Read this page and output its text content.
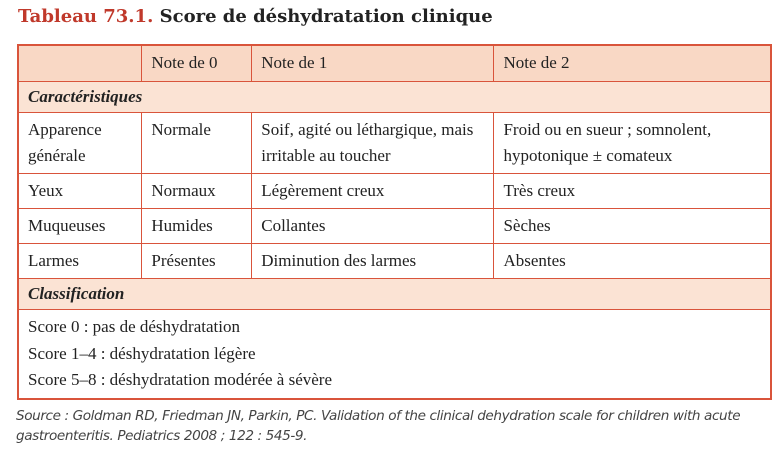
Tableau 73.1. Score de déshydratation clinique
	Note de 0	Note de 1	Note de 2
Caractéristiques			
Apparence générale	Normale	Soif, agité ou léthargique, mais irritable au toucher	Froid ou en sueur ; somnolent, hypotonique ± comateux
Yeux	Normaux	Légèrement creux	Très creux
Muqueuses	Humides	Collantes	Sèches
Larmes	Présentes	Diminution des larmes	Absentes
Classification			

Score 0 : pas de déshydratation
Score 1–4 : déshydratation légère
Score 5–8 : déshydratation modérée à sévère			
Source : Goldman RD, Friedman JN, Parkin, PC. Validation of the clinical dehydration scale for children with acute gastroenteritis. Pediatrics 2008 ; 122 : 545-9.
